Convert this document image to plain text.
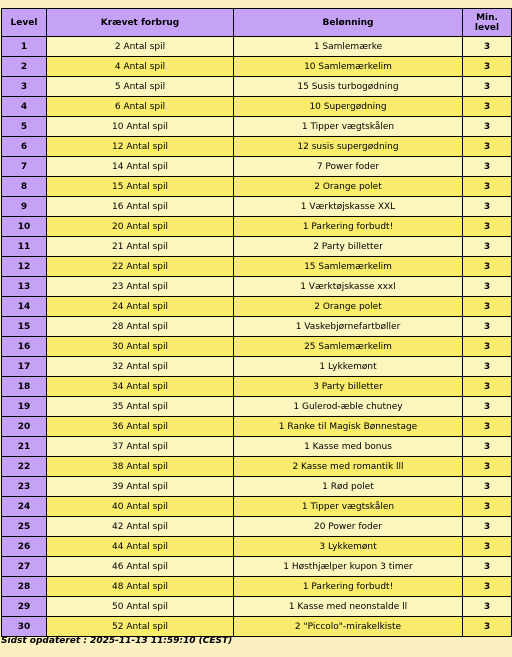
Level	Krævet forbrug	Belønning	Min.
level
1	2 Antal spil	1 Samlemærke	3
2	4 Antal spil	10 Samlemærkelim	3
3	5 Antal spil	15 Susis turbogødning	3
4	6 Antal spil	10 Supergødning	3
5	10 Antal spil	1 Tipper vægtskålen	3
6	12 Antal spil	12 susis supergødning	3
7	14 Antal spil	7 Power foder	3
8	15 Antal spil	2 Orange polet	3
9	16 Antal spil	1 Værktøjskasse XXL	3
10	20 Antal spil	1 Parkering forbudt!	3
11	21 Antal spil	2 Party billetter	3
12	22 Antal spil	15 Samlemærkelim	3
13	23 Antal spil	1 Værktøjskasse xxxl	3
14	24 Antal spil	2 Orange polet	3
15	28 Antal spil	1 Vaskebjørnefartbøller	3
16	30 Antal spil	25 Samlemærkelim	3
17	32 Antal spil	1 Lykkemønt	3
18	34 Antal spil	3 Party billetter	3
19	35 Antal spil	1 Gulerod-æble chutney	3
20	36 Antal spil	1 Ranke til Magisk Bønnestage	3
21	37 Antal spil	1 Kasse med bonus	3
22	38 Antal spil	2 Kasse med romantik lll	3
23	39 Antal spil	1 Rød polet	3
24	40 Antal spil	1 Tipper vægtskålen	3
25	42 Antal spil	20 Power foder	3
26	44 Antal spil	3 Lykkemønt	3
27	46 Antal spil	1 Høsthjælper kupon 3 timer	3
28	48 Antal spil	1 Parkering forbudt!	3
29	50 Antal spil	1 Kasse med neonstalde ll	3
30	52 Antal spil	2 "Piccolo"-mirakelkiste	3
Sidst opdateret : 2025-11-13 11:59:10 (CEST)
